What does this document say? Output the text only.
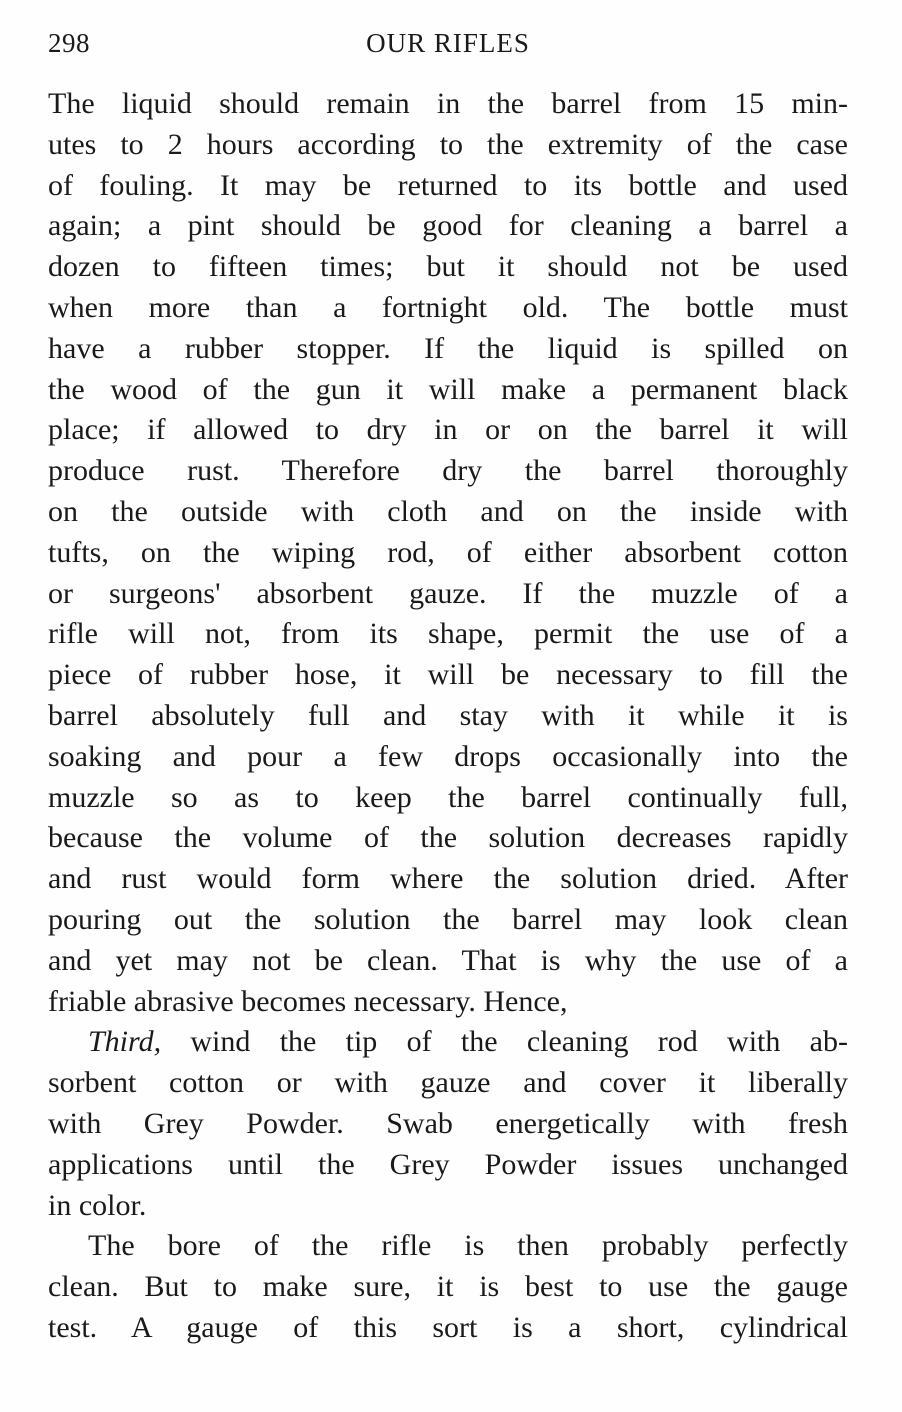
298	OUR RIFLES
The liquid should remain in the barrel from 15 min-
utes to 2 hours according to the extremity of the case
of fouling. It may be returned to its bottle and used
again; a pint should be good for cleaning a barrel a
dozen to fifteen times; but it should not be used
when more than a fortnight old. The bottle must
have a rubber stopper. If the liquid is spilled on
the wood of the gun it will make a permanent black
place; if allowed to dry in or on the barrel it will
produce rust. Therefore dry the barrel thoroughly
on the outside with cloth and on the inside with
tufts, on the wiping rod, of either absorbent cotton
or surgeons' absorbent gauze. If the muzzle of a
rifle will not, from its shape, permit the use of a
piece of rubber hose, it will be necessary to fill the
barrel absolutely full and stay with it while it is
soaking and pour a few drops occasionally into the
muzzle so as to keep the barrel continually full,
because the volume of the solution decreases rapidly
and rust would form where the solution dried. After
pouring out the solution the barrel may look clean
and yet may not be clean. That is why the use of a
friable abrasive becomes necessary. Hence,
Third, wind the tip of the cleaning rod with ab-
sorbent cotton or with gauze and cover it liberally
with Grey Powder. Swab energetically with fresh
applications until the Grey Powder issues unchanged
in color.
The bore of the rifle is then probably perfectly
clean. But to make sure, it is best to use the gauge
test. A gauge of this sort is a short, cylindrical
